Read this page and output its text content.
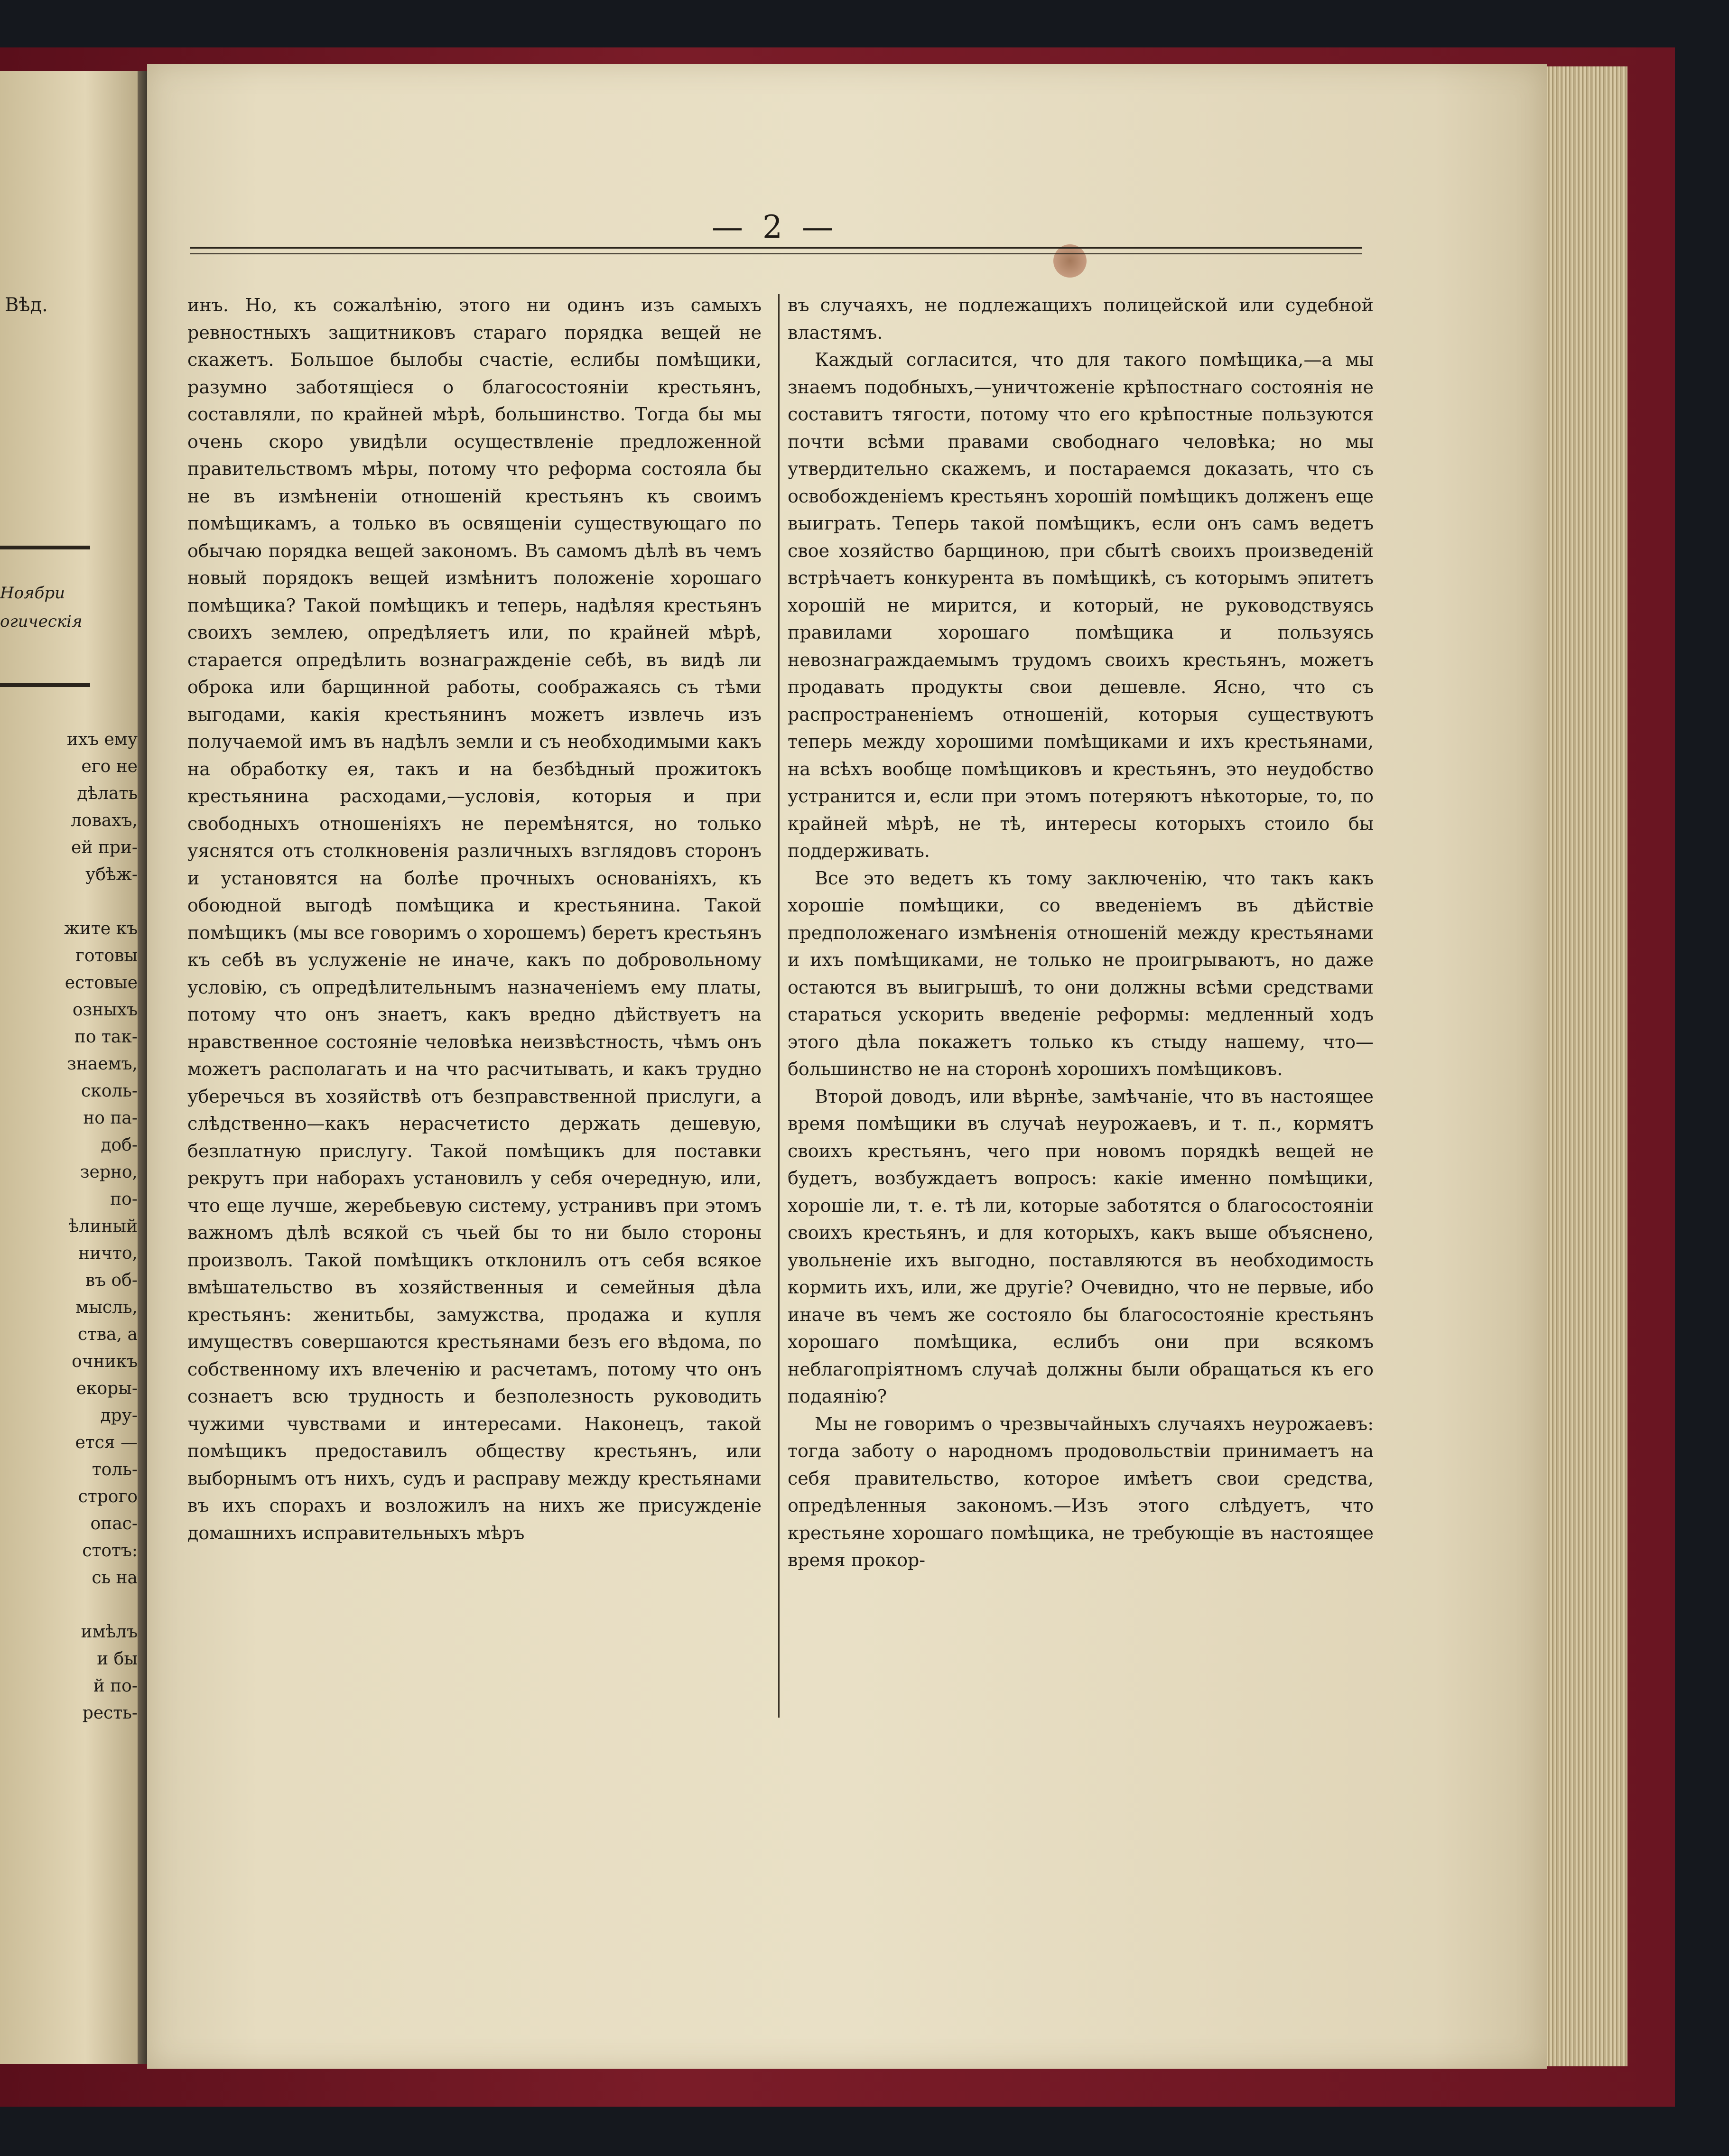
Вѣд.
Ноябри
огическія
ихъ ему
его не
дѣлать
ловахъ,
ей при-
убѣж-

жите къ
готовы
естовые
озныхъ
по так-
знаемъ,
сколь-
но па-
доб-
зерно,
по-
ѣлиный
ничто,
въ об-
мысль,
ства, а
очникъ
екоры-
дру-
ется —
толь-
строго
опас-
стотъ:
сь на

имѣлъ
и бы
й по-
ресть-
— 2 —

инъ. Но, къ сожалѣнію, этого ни одинъ изъ самыхъ ревностныхъ защитниковъ стараго порядка вещей не скажетъ. Большое былобы счастіе, еслибы помѣщики, разумно заботящіеся о благосостояніи крестьянъ, составляли, по крайней мѣрѣ, большинство. Тогда бы мы очень скоро увидѣли осуществленіе предложенной правительствомъ мѣры, потому что реформа состояла бы не въ измѣненіи отношеній крестьянъ къ своимъ помѣщикамъ, а только въ освященіи существующаго по обычаю порядка вещей закономъ. Въ самомъ дѣлѣ въ чемъ новый порядокъ вещей измѣнитъ положеніе хорошаго помѣщика? Такой помѣщикъ и теперь, надѣляя крестьянъ своихъ землею, опредѣляетъ или, по крайней мѣрѣ, старается опредѣлить вознагражденіе себѣ, въ видѣ ли оброка или барщинной работы, соображаясь съ тѣми выгодами, какія крестьянинъ можетъ извлечь изъ получаемой имъ въ надѣлъ земли и съ необходимыми какъ на обработку ея, такъ и на безбѣдный прожитокъ крестьянина расходами,—условія, которыя и при свободныхъ отношеніяхъ не перемѣнятся, но только уяснятся отъ столкновенія различныхъ взглядовъ сторонъ и установятся на болѣе прочныхъ основаніяхъ, къ обоюдной выгодѣ помѣщика и крестьянина. Такой помѣщикъ (мы все говоримъ о хорошемъ) беретъ крестьянъ къ себѣ въ услуженіе не иначе, какъ по добровольному условію, съ опредѣлительнымъ назначеніемъ ему платы, потому что онъ знаетъ, какъ вредно дѣйствуетъ на нравственное состояніе человѣка неизвѣстность, чѣмъ онъ можетъ располагать и на что расчитывать, и какъ трудно уберечься въ хозяйствѣ отъ безправственной прислуги, а слѣдственно—какъ нерасчетисто держать дешевую, безплатную прислугу. Такой помѣщикъ для поставки рекрутъ при наборахъ установилъ у себя очередную, или, что еще лучше, жеребьевую систему, устранивъ при этомъ важномъ дѣлѣ всякой съ чьей бы то ни было стороны произволъ. Такой помѣщикъ отклонилъ отъ себя всякое вмѣшательство въ хозяйственныя и семейныя дѣла крестьянъ: женитьбы, замужства, продажа и купля имуществъ совершаются крестьянами безъ его вѣдома, по собственному ихъ влеченію и расчетамъ, потому что онъ сознаетъ всю трудность и безполезность руководить чужими чувствами и интересами. Наконецъ, такой помѣщикъ предоставилъ обществу крестьянъ, или выборнымъ отъ нихъ, судъ и расправу между крестьянами въ ихъ спорахъ и возложилъ на нихъ же присужденіе домашнихъ исправительныхъ мѣръ

въ случаяхъ, не подлежащихъ полицейской или судебной властямъ.

Каждый согласится, что для такого помѣщика,—а мы знаемъ подобныхъ,—уничтоженіе крѣпостнаго состоянія не составитъ тягости, потому что его крѣпостные пользуются почти всѣми правами свободнаго человѣка; но мы утвердительно скажемъ, и постараемся доказать, что съ освобожденіемъ крестьянъ хорошій помѣщикъ долженъ еще выиграть. Теперь такой помѣщикъ, если онъ самъ ведетъ свое хозяйство барщиною, при сбытѣ своихъ произведеній встрѣчаетъ конкурента въ помѣщикѣ, съ которымъ эпитетъ хорошій не мирится, и который, не руководствуясь правилами хорошаго помѣщика и пользуясь невознаграждаемымъ трудомъ своихъ крестьянъ, можетъ продавать продукты свои дешевле. Ясно, что съ распространеніемъ отношеній, которыя существуютъ теперь между хорошими помѣщиками и ихъ крестьянами, на всѣхъ вообще помѣщиковъ и крестьянъ, это неудобство устранится и, если при этомъ потеряютъ нѣкоторые, то, по крайней мѣрѣ, не тѣ, интересы которыхъ стоило бы поддерживать.

Все это ведетъ къ тому заключенію, что такъ какъ хорошіе помѣщики, со введеніемъ въ дѣйствіе предположенаго измѣненія отношеній между крестьянами и ихъ помѣщиками, не только не проигрываютъ, но даже остаются въ выигрышѣ, то они должны всѣми средствами стараться ускорить введеніе реформы: медленный ходъ этого дѣла покажетъ только къ стыду нашему, что—большинство не на сторонѣ хорошихъ помѣщиковъ.

Второй доводъ, или вѣрнѣе, замѣчаніе, что въ настоящее время помѣщики въ случаѣ неурожаевъ, и т. п., кормятъ своихъ крестьянъ, чего при новомъ порядкѣ вещей не будетъ, возбуждаетъ вопросъ: какіе именно помѣщики, хорошіе ли, т. е. тѣ ли, которые заботятся о благосостояніи своихъ крестьянъ, и для которыхъ, какъ выше объяснено, увольненіе ихъ выгодно, поставляются въ необходимость кормить ихъ, или, же другіе? Очевидно, что не первые, ибо иначе въ чемъ же состояло бы благосостояніе крестьянъ хорошаго помѣщика, еслибъ они при всякомъ неблагопріятномъ случаѣ должны были обращаться къ его подаянію?

Мы не говоримъ о чрезвычайныхъ случаяхъ неурожаевъ: тогда заботу о народномъ продовольствіи принимаетъ на себя правительство, которое имѣетъ свои средства, опредѣленныя закономъ.—Изъ этого слѣдуетъ, что крестьяне хорошаго помѣщика, не требующіе въ настоящее время прокор-
